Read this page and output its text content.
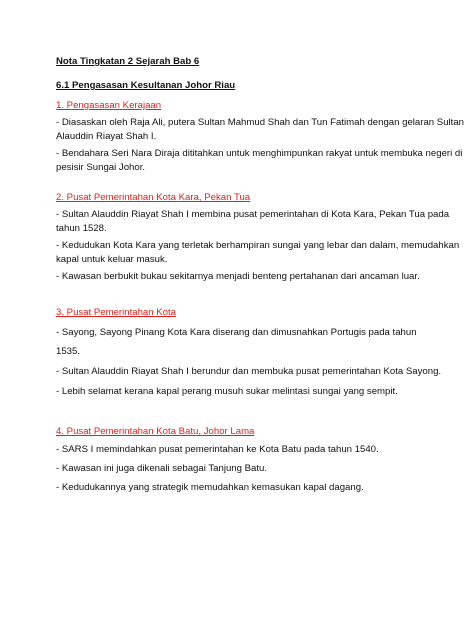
Nota Tingkatan 2 Sejarah Bab 6
6.1 Pengasasan Kesultanan Johor Riau
1. Pengasasan Kerajaan
- Diasaskan oleh Raja Ali, putera Sultan Mahmud Shah dan Tun Fatimah dengan gelaran Sultan
Alauddin Riayat Shah I.
- Bendahara Seri Nara Diraja dititahkan untuk menghimpunkan rakyat untuk membuka negeri di
pesisir Sungai Johor.
2. Pusat Pemerintahan Kota Kara, Pekan Tua
- Sultan Alauddin Riayat Shah I membina pusat pemerintahan di Kota Kara, Pekan Tua pada
tahun 1528.
- Kedudukan Kota Kara yang terletak berhampiran sungai yang lebar dan dalam, memudahkan
kapal untuk keluar masuk.
- Kawasan berbukit bukau sekitarnya menjadi benteng pertahanan dari ancaman luar.
3. Pusat Pemerintahan Kota
- Sayong, Sayong Pinang Kota Kara diserang dan dimusnahkan Portugis pada tahun
1535.
- Sultan Alauddin Riayat Shah I berundur dan membuka pusat pemerintahan Kota Sayong.
- Lebih selamat kerana kapal perang musuh sukar melintasi sungai yang sempit.
4. Pusat Pemerintahan Kota Batu, Johor Lama
- SARS I memindahkan pusat pemerintahan ke Kota Batu pada tahun 1540.
- Kawasan ini juga dikenali sebagai Tanjung Batu.
- Kedudukannya yang strategik memudahkan kemasukan kapal dagang.
